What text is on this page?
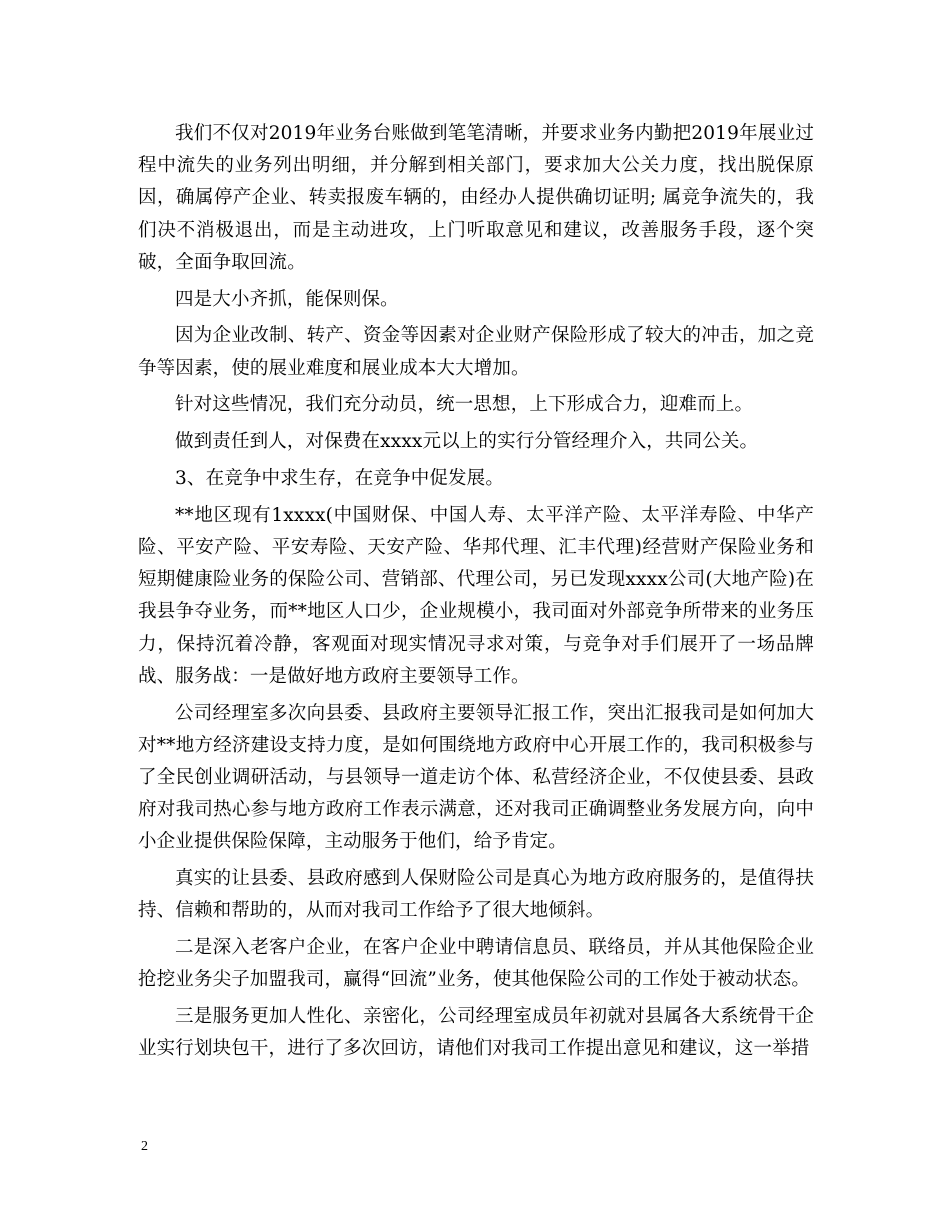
我们不仅对2019年业务台账做到笔笔清晰，并要求业务内勤把2019年展业过程中流失的业务列出明细，并分解到相关部门，要求加大公关力度，找出脱保原因，确属停产企业、转卖报废车辆的，由经办人提供确切证明; 属竞争流失的，我们决不消极退出，而是主动进攻，上门听取意见和建议，改善服务手段，逐个突破，全面争取回流。

四是大小齐抓，能保则保。

因为企业改制、转产、资金等因素对企业财产保险形成了较大的冲击，加之竞争等因素，使的展业难度和展业成本大大增加。

针对这些情况，我们充分动员，统一思想，上下形成合力，迎难而上。

做到责任到人，对保费在xxxx元以上的实行分管经理介入，共同公关。

3、在竞争中求生存，在竞争中促发展。

**地区现有1xxxx(中国财保、中国人寿、太平洋产险、太平洋寿险、中华产险、平安产险、平安寿险、天安产险、华邦代理、汇丰代理)经营财产保险业务和短期健康险业务的保险公司、营销部、代理公司，另已发现xxxx公司(大地产险)在我县争夺业务，而**地区人口少，企业规模小，我司面对外部竞争所带来的业务压力，保持沉着冷静，客观面对现实情况寻求对策，与竞争对手们展开了一场品牌战、服务战：一是做好地方政府主要领导工作。

公司经理室多次向县委、县政府主要领导汇报工作，突出汇报我司是如何加大对**地方经济建设支持力度，是如何围绕地方政府中心开展工作的，我司积极参与了全民创业调研活动，与县领导一道走访个体、私营经济企业，不仅使县委、县政府对我司热心参与地方政府工作表示满意，还对我司正确调整业务发展方向，向中小企业提供保险保障，主动服务于他们，给予肯定。

真实的让县委、县政府感到人保财险公司是真心为地方政府服务的，是值得扶持、信赖和帮助的，从而对我司工作给予了很大地倾斜。

二是深入老客户企业，在客户企业中聘请信息员、联络员，并从其他保险企业抢挖业务尖子加盟我司，赢得“回流”业务，使其他保险公司的工作处于被动状态。

三是服务更加人性化、亲密化，公司经理室成员年初就对县属各大系统骨干企业实行划块包干，进行了多次回访，请他们对我司工作提出意见和建议，这一举措

2
